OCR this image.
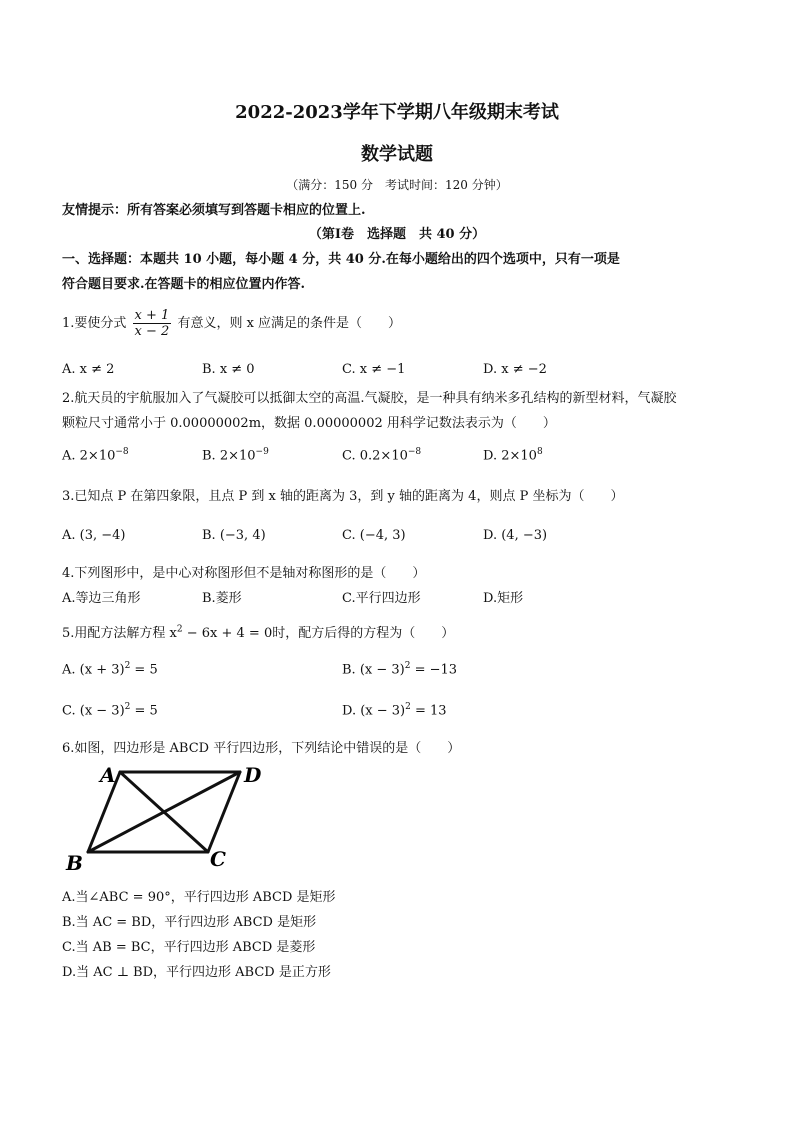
2022-2023学年下学期八年级期末考试
数学试题
（满分：150 分　考试时间：120 分钟）
友情提示：所有答案必须填写到答题卡相应的位置上.
（第Ⅰ卷　选择题　共 40 分）
一、选择题：本题共 10 小题，每小题 4 分，共 40 分.在每小题给出的四个选项中，只有一项是
符合题目要求.在答题卡的相应位置内作答.
1.要使分式 $\frac{x + 1}{x - 2}$ 有意义，则 x 应满足的条件是（　　）
A. x ≠ 2	B. x ≠ 0	C. x ≠ −1	D. x ≠ −2
2.航天员的宇航服加入了气凝胶可以抵御太空的高温.气凝胶，是一种具有纳米多孔结构的新型材料，气凝胶
颗粒尺寸通常小于 0.00000002m，数据 0.00000002 用科学记数法表示为（　　）
A. $2\times 10^{-8}$	B. $2\times 10^{-9}$	C. $0.2\times 10^{-8}$	D. $2\times 10^8$
3.已知点 P 在第四象限，且点 P 到 x 轴的距离为 3，到 y 轴的距离为 4，则点 P 坐标为（　　）
A. (3, −4)	B. (−3, 4)	C. (−4, 3)	D. (4, −3)
4.下列图形中，是中心对称图形但不是轴对称图形的是（　　）
A.等边三角形	B.菱形	C.平行四边形	D.矩形
5.用配方法解方程 $x^2 - 6x + 4 = 0$时，配方后得的方程为（　　）
A. $(x + 3)^2 = 5$	B. $(x - 3)^2 = -13$
C. $(x - 3)^2 = 5$	D. $(x - 3)^2 = 13$
6.如图，四边形是 ABCD 平行四边形，下列结论中错误的是（　　）
A	D
B	C
A.当∠ABC = 90°，平行四边形 ABCD 是矩形
B.当 AC = BD，平行四边形 ABCD 是矩形
C.当 AB = BC，平行四边形 ABCD 是菱形
D.当 AC ⊥ BD，平行四边形 ABCD 是正方形
